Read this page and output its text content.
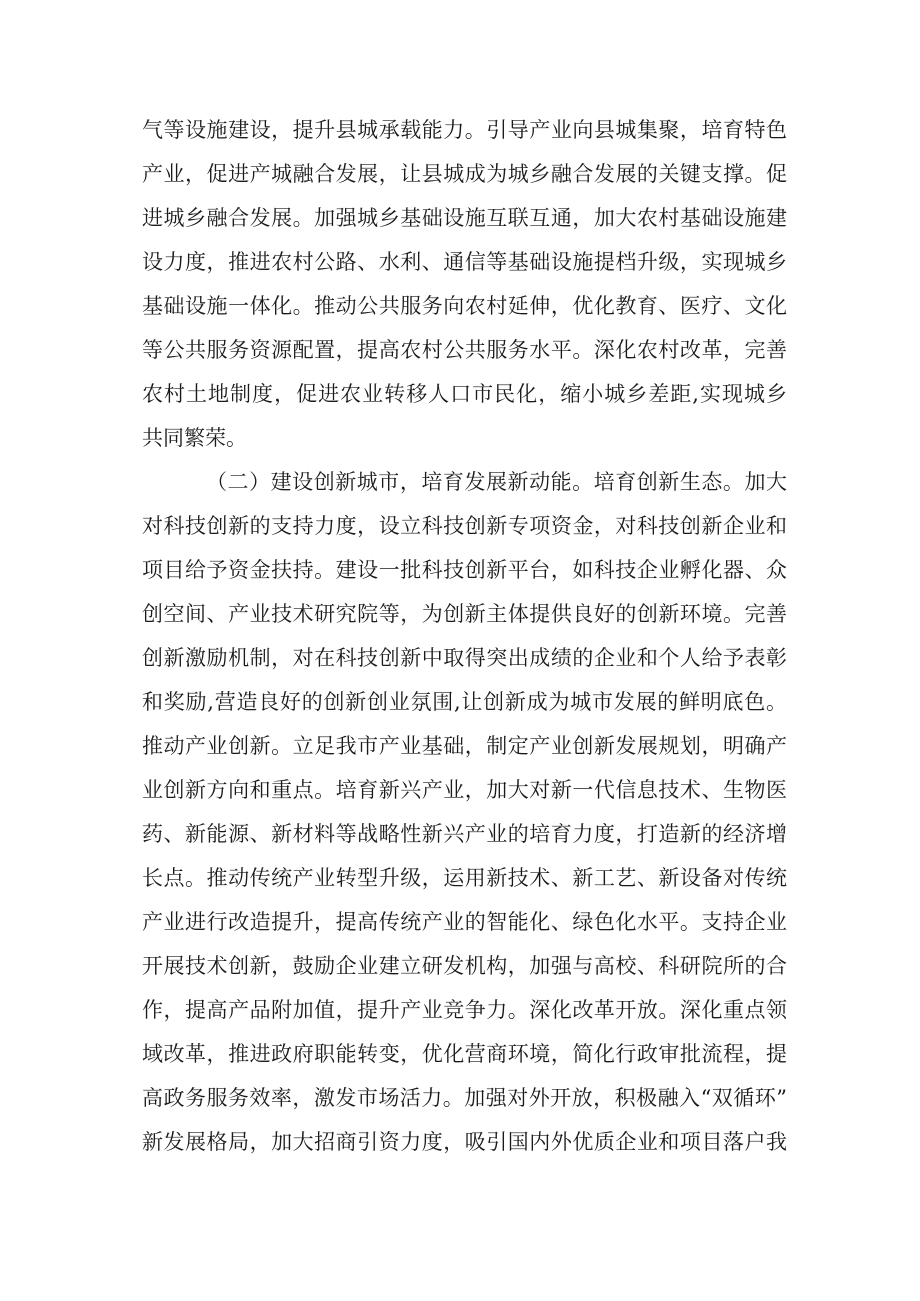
气等设施建设，提升县城承载能力。引导产业向县城集聚，培育特色
产业，促进产城融合发展，让县城成为城乡融合发展的关键支撑。促
进城乡融合发展。加强城乡基础设施互联互通，加大农村基础设施建
设力度，推进农村公路、水利、通信等基础设施提档升级，实现城乡
基础设施一体化。推动公共服务向农村延伸，优化教育、医疗、文化
等公共服务资源配置，提高农村公共服务水平。深化农村改革，完善
农村土地制度，促进农业转移人口市民化，缩小城乡差距,实现城乡
共同繁荣。
（二）建设创新城市，培育发展新动能。培育创新生态。加大
对科技创新的支持力度，设立科技创新专项资金，对科技创新企业和
项目给予资金扶持。建设一批科技创新平台，如科技企业孵化器、众
创空间、产业技术研究院等，为创新主体提供良好的创新环境。完善
创新激励机制，对在科技创新中取得突出成绩的企业和个人给予表彰
和奖励,营造良好的创新创业氛围,让创新成为城市发展的鲜明底色。
推动产业创新。立足我市产业基础，制定产业创新发展规划，明确产
业创新方向和重点。培育新兴产业，加大对新一代信息技术、生物医
药、新能源、新材料等战略性新兴产业的培育力度，打造新的经济增
长点。推动传统产业转型升级，运用新技术、新工艺、新设备对传统
产业进行改造提升，提高传统产业的智能化、绿色化水平。支持企业
开展技术创新，鼓励企业建立研发机构，加强与高校、科研院所的合
作，提高产品附加值，提升产业竞争力。深化改革开放。深化重点领
域改革，推进政府职能转变，优化营商环境，简化行政审批流程，提
高政务服务效率，激发市场活力。加强对外开放，积极融入“双循环”
新发展格局，加大招商引资力度，吸引国内外优质企业和项目落户我
